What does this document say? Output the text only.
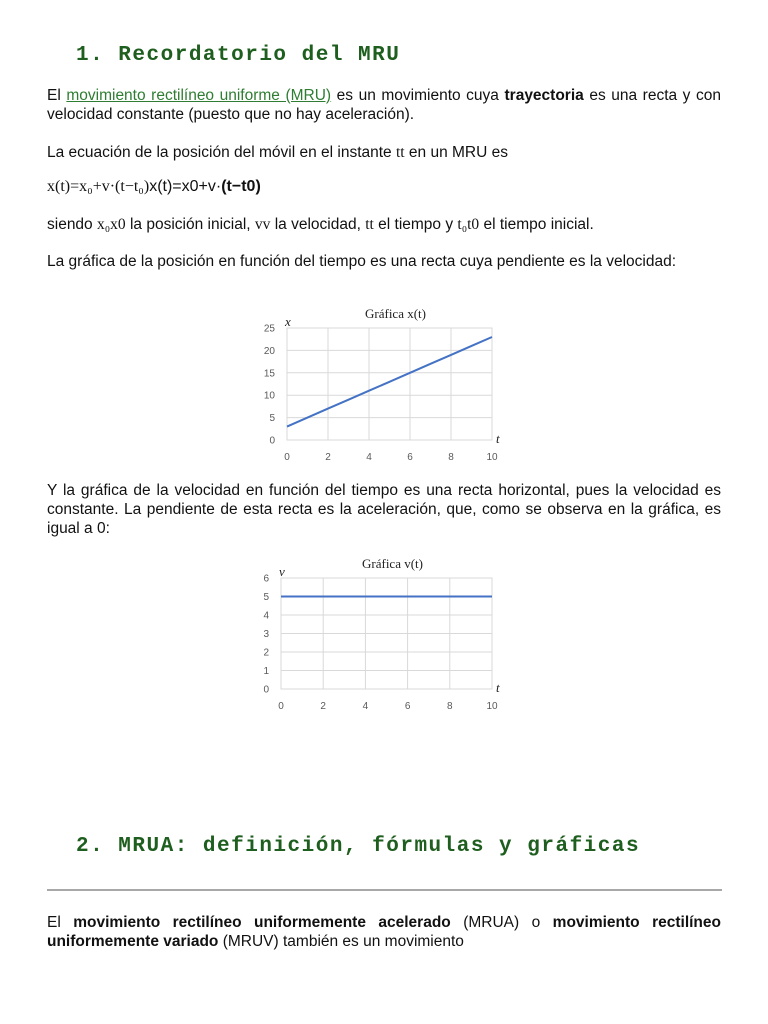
1. Recordatorio del MRU

El movimiento rectilíneo uniforme (MRU) es un movimiento cuya trayectoria es una recta y con velocidad constante (puesto que no hay aceleración).

La ecuación de la posición del móvil en el instante tt en un MRU es

x(t)=x₀+v·(t−t₀)x(t)=x0+v·(t−t0)

siendo x₀x0 la posición inicial, vv la velocidad, tt el tiempo y t₀t0 el tiempo inicial.

La gráfica de la posición en función del tiempo es una recta cuya pendiente es la velocidad:

0	2	4	6	8	10
0
5
10
15
20
25
Gráfica x(t)
x
t

Y la gráfica de la velocidad en función del tiempo es una recta horizontal, pues la velocidad es constante. La pendiente de esta recta es la aceleración, que, como se observa en la gráfica, es igual a 0:

0	2	4	6	8	10
0
1
2
3
4
5
6
Gráfica v(t)
v
t
2. MRUA: definición, fórmulas y gráficas

El movimiento rectilíneo uniformemente acelerado (MRUA) o movimiento rectilíneo uniformemente variado (MRUV) también es un movimiento
